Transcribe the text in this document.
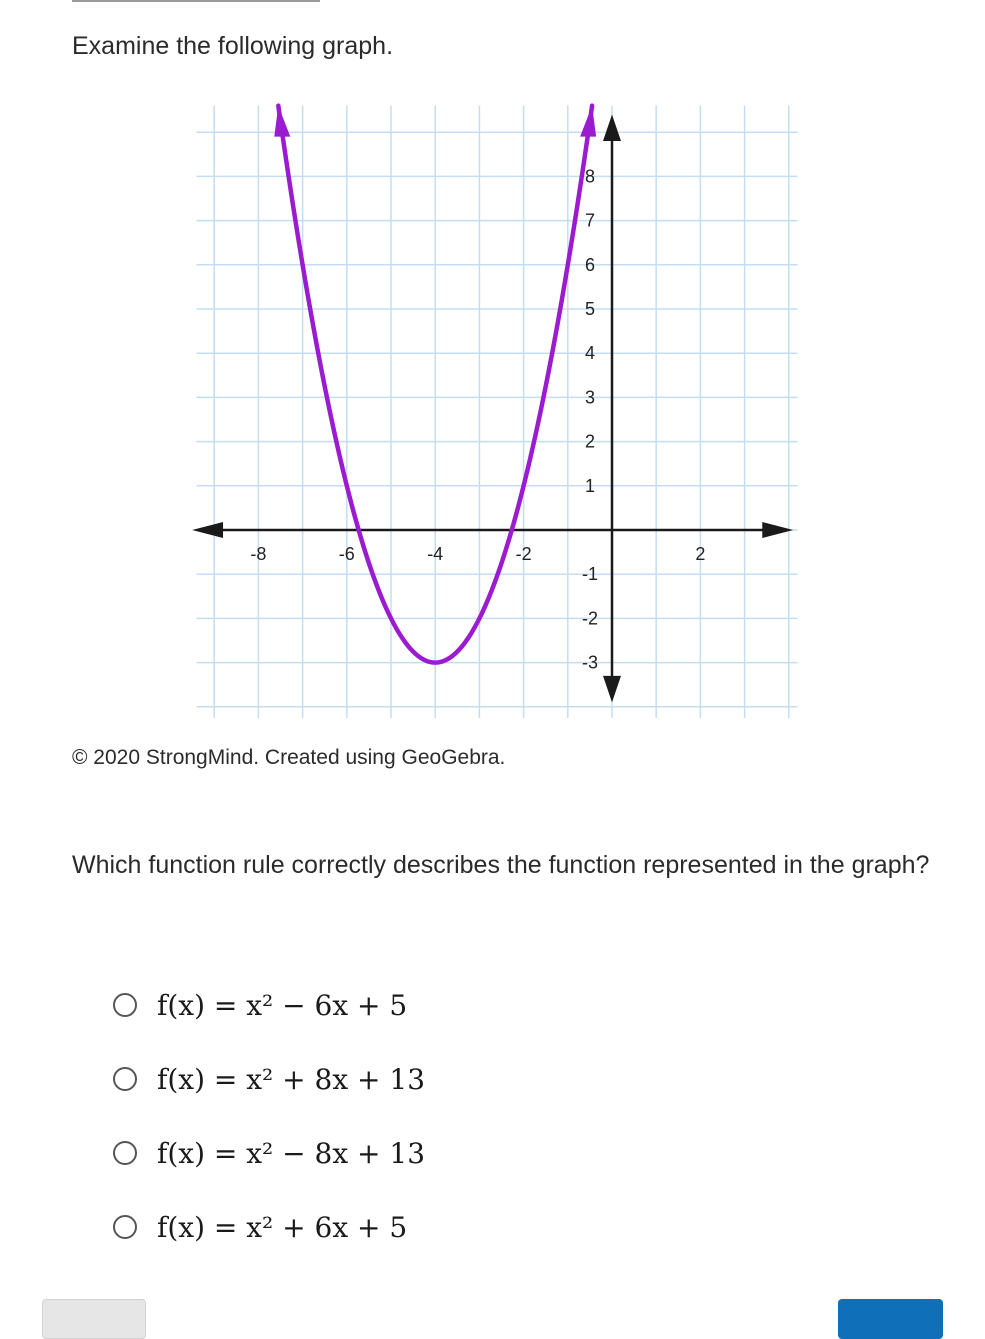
Examine the following graph.
-8	-6	-4	-2	2
8
7
6
5
4
3
2
1
-1
-2
-3
© 2020 StrongMind. Created using GeoGebra.
Which function rule correctly describes the function represented in the graph?
f(x) = x² − 6x + 5
f(x) = x² + 8x + 13
f(x) = x² − 8x + 13
f(x) = x² + 6x + 5
